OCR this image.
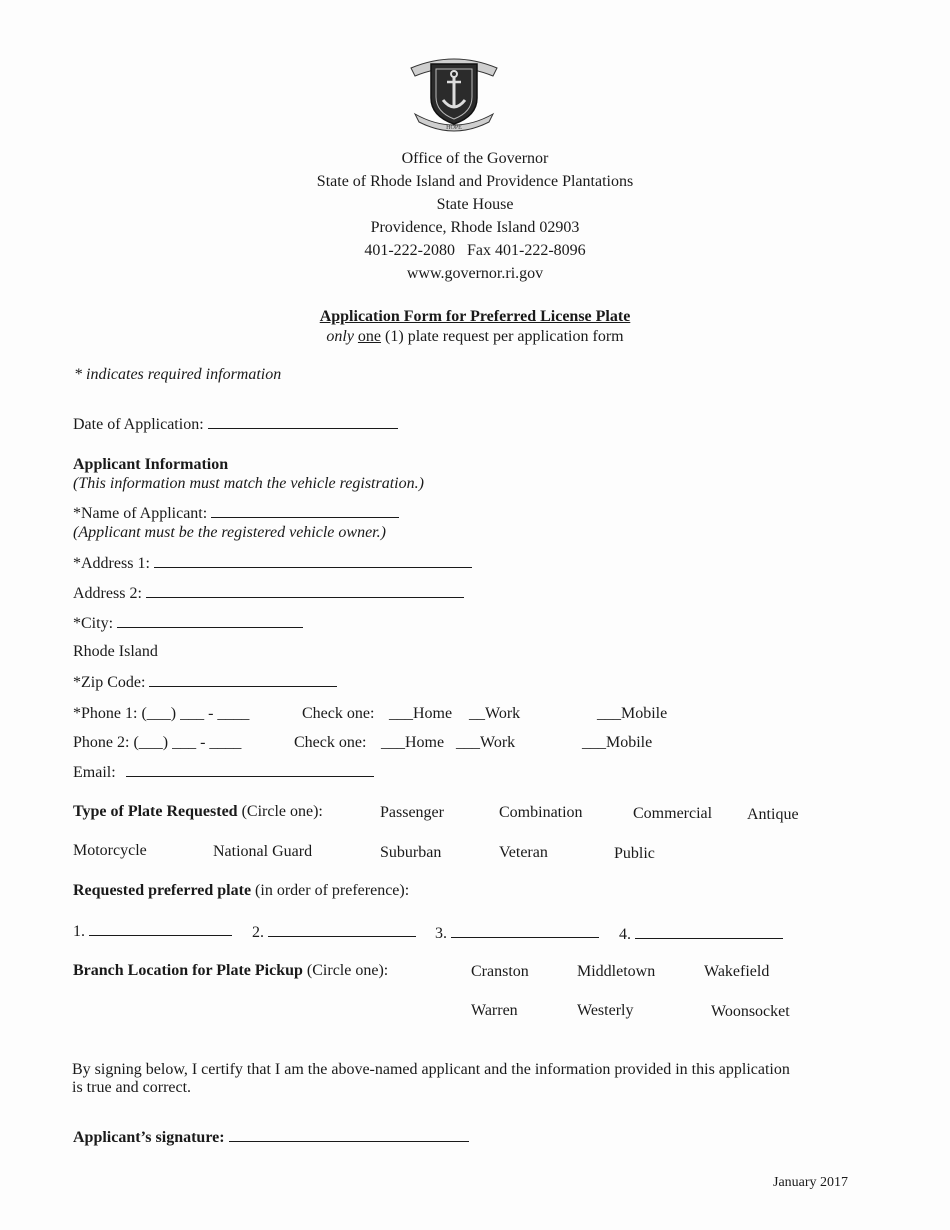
HOPE
Office of the Governor
State of Rhode Island and Providence Plantations
State House
Providence, Rhode Island 02903
401-222-2080   Fax 401-222-8096
www.governor.ri.gov
Application Form for Preferred License Plate
only one (1) plate request per application form
* indicates required information
Date of Application:
Applicant Information
(This information must match the vehicle registration.)
*Name of Applicant:
(Applicant must be the registered vehicle owner.)
*Address 1:
Address 2:
*City:
Rhode Island
*Zip Code:
*Phone 1: (___) ___ - ____	Check one: ___Home __Work	___Mobile
Phone 2: (___) ___ - ____	Check one: ___Home ___Work	___Mobile
Email:
Type of Plate Requested (Circle one):	Passenger	Combination	Commercial Antique
Motorcycle	National Guard	Suburban	Veteran	Public
Requested preferred plate (in order of preference):
1.	2.	3.	4.
Branch Location for Plate Pickup (Circle one):	Cranston	Middletown	Wakefield
Warren	Westerly	Woonsocket
By signing below, I certify that I am the above-named applicant and the information provided in this application
is true and correct.
Applicant’s signature:
January 2017
